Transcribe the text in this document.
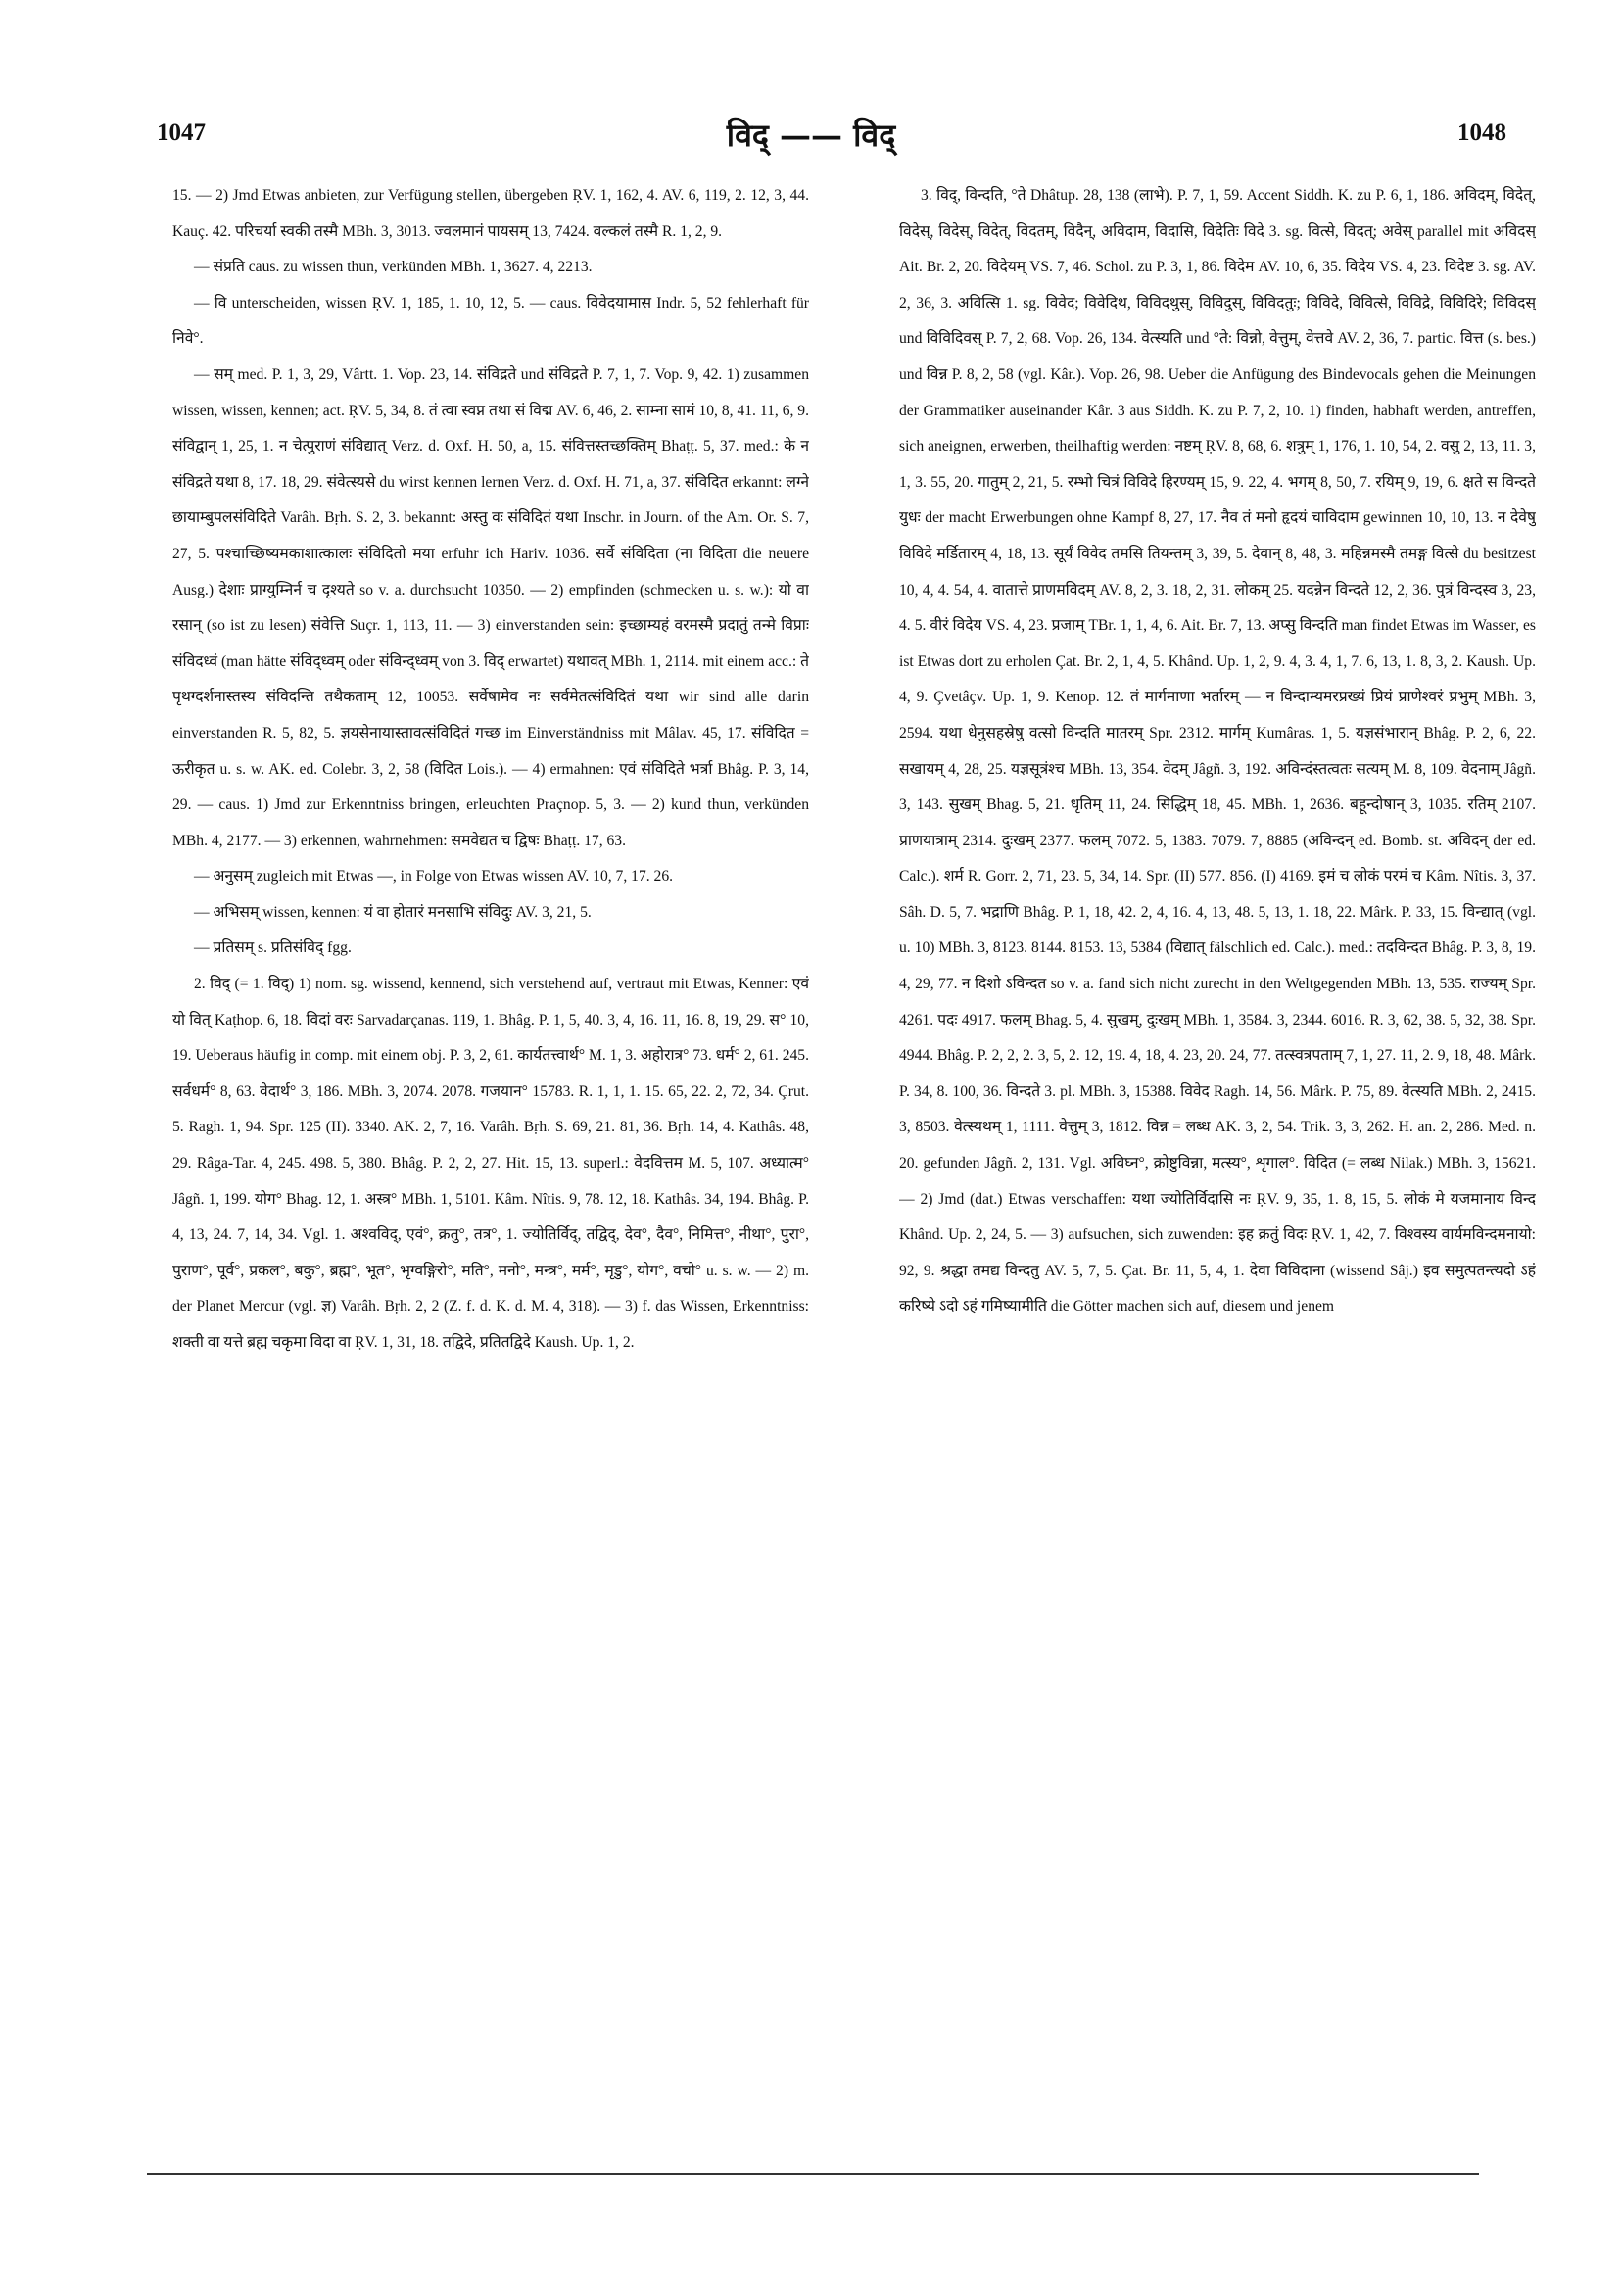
1047	विद् —— विद्	1048

15. — 2) Jmd Etwas anbieten, zur Verfügung stellen, übergeben ṚV. 1, 162, 4. AV. 6, 119, 2. 12, 3, 44. Kauç. 42. परिचर्या स्वकी तस्मै MBh. 3, 3013. ज्वलमानं पायसम् 13, 7424. वल्कलं तस्मै R. 1, 2, 9.

— संप्रति caus. zu wissen thun, verkünden MBh. 1, 3627. 4, 2213.

— वि unterscheiden, wissen ṚV. 1, 185, 1. 10, 12, 5. — caus. विवेदयामास Indr. 5, 52 fehlerhaft für निवे°.

— सम् med. P. 1, 3, 29, Vârtt. 1. Vop. 23, 14. संविद्रते und संविद्रते P. 7, 1, 7. Vop. 9, 42. 1) zusammen wissen, wissen, kennen; act. ṚV. 5, 34, 8. तं त्वा स्वप्न तथा सं विद्म AV. 6, 46, 2. साम्ना सामं 10, 8, 41. 11, 6, 9. संविद्वान् 1, 25, 1. न चेत्पुराणं संविद्यात् Verz. d. Oxf. H. 50, a, 15. संवित्तस्तच्छक्तिम् Bhaṭṭ. 5, 37. med.: के न संविद्रते यथा 8, 17. 18, 29. संवेत्स्यसे du wirst kennen lernen Verz. d. Oxf. H. 71, a, 37. संविदित erkannt: लग्ने छायाम्बुपलसंविदिते Varâh. Bṛh. S. 2, 3. bekannt: अस्तु वः संविदितं यथा Inschr. in Journ. of the Am. Or. S. 7, 27, 5. पश्चाच्छिष्यमकाशात्कालः संविदितो मया erfuhr ich Hariv. 1036. सर्वे संविदिता (ना विदिता die neuere Ausg.) देशाः प्राग्युम्निर्न च दृश्यते so v. a. durchsucht 10350. — 2) empfinden (schmecken u. s. w.): यो वा रसान् (so ist zu lesen) संवेत्ति Suçr. 1, 113, 11. — 3) einverstanden sein: इच्छाम्यहं वरमस्मै प्रदातुं तन्मे विप्राः संविदध्वं (man hätte संविद्ध्वम् oder संविन्द्ध्वम् von 3. विद् erwartet) यथावत् MBh. 1, 2114. mit einem acc.: ते पृथग्दर्शनास्तस्य संविदन्ति तथैकताम् 12, 10053. सर्वेषामेव नः सर्वमेतत्संविदितं यथा wir sind alle darin einverstanden R. 5, 82, 5. ज्ञयसेनायास्तावत्संविदितं गच्छ im Einverständniss mit Mâlav. 45, 17. संविदित = ऊरीकृत u. s. w. AK. ed. Colebr. 3, 2, 58 (विदित Lois.). — 4) ermahnen: एवं संविदिते भर्त्रा Bhâg. P. 3, 14, 29. — caus. 1) Jmd zur Erkenntniss bringen, erleuchten Praçnop. 5, 3. — 2) kund thun, verkünden MBh. 4, 2177. — 3) erkennen, wahrnehmen: समवेद्यत च द्विषः Bhaṭṭ. 17, 63.

— अनुसम् zugleich mit Etwas —, in Folge von Etwas wissen AV. 10, 7, 17. 26.

— अभिसम् wissen, kennen: यं वा होतारं मनसाभि संविदुः AV. 3, 21, 5.

— प्रतिसम् s. प्रतिसंविद् fgg.

2. विद् (= 1. विद्) 1) nom. sg. wissend, kennend, sich verstehend auf, vertraut mit Etwas, Kenner: एवं यो वित् Kaṭhop. 6, 18. विदां वरः Sarvadarçanas. 119, 1. Bhâg. P. 1, 5, 40. 3, 4, 16. 11, 16. 8, 19, 29. स° 10, 19. Ueberaus häufig in comp. mit einem obj. P. 3, 2, 61. कार्यतत्त्वार्थ° M. 1, 3. अहोरात्र° 73. धर्म° 2, 61. 245. सर्वधर्म° 8, 63. वेदार्थ° 3, 186. MBh. 3, 2074. 2078. गजयान° 15783. R. 1, 1, 1. 15. 65, 22. 2, 72, 34. Çrut. 5. Ragh. 1, 94. Spr. 125 (II). 3340. AK. 2, 7, 16. Varâh. Bṛh. S. 69, 21. 81, 36. Bṛh. 14, 4. Kathâs. 48, 29. Râga-Tar. 4, 245. 498. 5, 380. Bhâg. P. 2, 2, 27. Hit. 15, 13. superl.: वेदवित्तम M. 5, 107. अध्यात्म° Jâgñ. 1, 199. योग° Bhag. 12, 1. अस्त्र° MBh. 1, 5101. Kâm. Nîtis. 9, 78. 12, 18. Kathâs. 34, 194. Bhâg. P. 4, 13, 24. 7, 14, 34. Vgl. 1. अश्वविद्, एवं°, क्रतु°, तत्र°, 1. ज्योतिर्विद्, तद्विद्, देव°, दैव°, निमित्त°, नीथा°, पुरा°, पुराण°, पूर्व°, प्रकल°, बकु°, ब्रह्म°, भूत°, भृग्वङ्गिरो°, मति°, मनो°, मन्त्र°, मर्म°, मृडु°, योग°, वचो° u. s. w. — 2) m. der Planet Mercur (vgl. ज्ञ) Varâh. Bṛh. 2, 2 (Z. f. d. K. d. M. 4, 318). — 3) f. das Wissen, Erkenntniss: शक्ती वा यत्ते ब्रह्म चकृमा विदा वा ṚV. 1, 31, 18. तद्विदे, प्रतितद्विदे Kaush. Up. 1, 2.

3. विद्, विन्दति, °ते Dhâtup. 28, 138 (लाभे). P. 7, 1, 59. Accent Siddh. K. zu P. 6, 1, 186. अविदम्, विदेत्, विदेस्, विदेस्, विदेत्, विदतम्, विदैन्, अविदाम, विदासि, विदेतिः विदे 3. sg. वित्से, विदत्; अवेस् parallel mit अविदस् Ait. Br. 2, 20. विदेयम् VS. 7, 46. Schol. zu P. 3, 1, 86. विदेम AV. 10, 6, 35. विदेय VS. 4, 23. विदेष्ट 3. sg. AV. 2, 36, 3. अवित्सि 1. sg. विवेद; विवेदिथ, विविदथुस्, विविदुस्, विविदतुः; विविदे, विवित्से, विविद्रे, विविदिरे; विविदस् und विविदिवस् P. 7, 2, 68. Vop. 26, 134. वेत्स्यति und °ते: विन्नो, वेत्तुम्, वेत्तवे AV. 2, 36, 7. partic. वित्त (s. bes.) und विन्न P. 8, 2, 58 (vgl. Kâr.). Vop. 26, 98. Ueber die Anfügung des Bindevocals gehen die Meinungen der Grammatiker auseinander Kâr. 3 aus Siddh. K. zu P. 7, 2, 10. 1) finden, habhaft werden, antreffen, sich aneignen, erwerben, theilhaftig werden: नष्टम् ṚV. 8, 68, 6. शत्रुम् 1, 176, 1. 10, 54, 2. वसु 2, 13, 11. 3, 1, 3. 55, 20. गातुम् 2, 21, 5. रम्भो चित्रं विविदे हिरण्यम् 15, 9. 22, 4. भगम् 8, 50, 7. रयिम् 9, 19, 6. क्षते स विन्दते युधः der macht Erwerbungen ohne Kampf 8, 27, 17. नैव तं मनो हृदयं चाविदाम gewinnen 10, 10, 13. न देवेषु विविदे मर्डितारम् 4, 18, 13. सूर्यं विवेद तमसि तियन्तम् 3, 39, 5. देवान् 8, 48, 3. महिन्नमस्मै तमङ्ग वित्से du besitzest 10, 4, 4. 54, 4. वातात्ते प्राणमविदम् AV. 8, 2, 3. 18, 2, 31. लोकम् 25. यदन्नेन विन्दते 12, 2, 36. पुत्रं विन्दस्व 3, 23, 4. 5. वीरं विदेय VS. 4, 23. प्रजाम् TBr. 1, 1, 4, 6. Ait. Br. 7, 13. अप्सु विन्दति man findet Etwas im Wasser, es ist Etwas dort zu erholen Çat. Br. 2, 1, 4, 5. Khând. Up. 1, 2, 9. 4, 3. 4, 1, 7. 6, 13, 1. 8, 3, 2. Kaush. Up. 4, 9. Çvetâçv. Up. 1, 9. Kenop. 12. तं मार्गमाणा भर्तारम् — न विन्दाम्यमरप्रख्यं प्रियं प्राणेश्वरं प्रभुम् MBh. 3, 2594. यथा धेनुसहस्रेषु वत्सो विन्दति मातरम् Spr. 2312. मार्गम् Kumâras. 1, 5. यज्ञसंभारान् Bhâg. P. 2, 6, 22. सखायम् 4, 28, 25. यज्ञसूत्रंश्च MBh. 13, 354. वेदम् Jâgñ. 3, 192. अविन्दंस्तत्वतः सत्यम् M. 8, 109. वेदनाम् Jâgñ. 3, 143. सुखम् Bhag. 5, 21. धृतिम् 11, 24. सिद्धिम् 18, 45. MBh. 1, 2636. बहून्दोषान् 3, 1035. रतिम् 2107. प्राणयात्राम् 2314. दुःखम् 2377. फलम् 7072. 5, 1383. 7079. 7, 8885 (अविन्दन् ed. Bomb. st. अविदन् der ed. Calc.). शर्म R. Gorr. 2, 71, 23. 5, 34, 14. Spr. (II) 577. 856. (I) 4169. इमं च लोकं परमं च Kâm. Nîtis. 3, 37. Sâh. D. 5, 7. भद्राणि Bhâg. P. 1, 18, 42. 2, 4, 16. 4, 13, 48. 5, 13, 1. 18, 22. Mârk. P. 33, 15. विन्द्यात् (vgl. u. 10) MBh. 3, 8123. 8144. 8153. 13, 5384 (विद्यात् fälschlich ed. Calc.). med.: तदविन्दत Bhâg. P. 3, 8, 19. 4, 29, 77. न दिशो ऽविन्दत so v. a. fand sich nicht zurecht in den Weltgegenden MBh. 13, 535. राज्यम् Spr. 4261. पदः 4917. फलम् Bhag. 5, 4. सुखम्, दुःखम् MBh. 1, 3584. 3, 2344. 6016. R. 3, 62, 38. 5, 32, 38. Spr. 4944. Bhâg. P. 2, 2, 2. 3, 5, 2. 12, 19. 4, 18, 4. 23, 20. 24, 77. तत्स्वत्रपताम् 7, 1, 27. 11, 2. 9, 18, 48. Mârk. P. 34, 8. 100, 36. विन्दते 3. pl. MBh. 3, 15388. विवेद Ragh. 14, 56. Mârk. P. 75, 89. वेत्स्यति MBh. 2, 2415. 3, 8503. वेत्स्यथम् 1, 1111. वेत्तुम् 3, 1812. विन्न = लब्ध AK. 3, 2, 54. Trik. 3, 3, 262. H. an. 2, 286. Med. n. 20. gefunden Jâgñ. 2, 131. Vgl. अविघ्न°, क्रोष्टुविन्ना, मत्स्य°, शृगाल°. विदित (= लब्ध Nilak.) MBh. 3, 15621. — 2) Jmd (dat.) Etwas verschaffen: यथा ज्योतिर्विदासि नः ṚV. 9, 35, 1. 8, 15, 5. लोकं मे यजमानाय विन्द Khând. Up. 2, 24, 5. — 3) aufsuchen, sich zuwenden: इह क्रतुं विदः ṚV. 1, 42, 7. विश्वस्य वार्यमविन्दमनायो: 92, 9. श्रद्धा तमद्य विन्दतु AV. 5, 7, 5. Çat. Br. 11, 5, 4, 1. देवा विविदाना (wissend Sâj.) इव समुत्पतन्त्यदो ऽहं करिष्ये ऽदो ऽहं गमिष्यामीति die Götter machen sich auf, diesem und jenem
